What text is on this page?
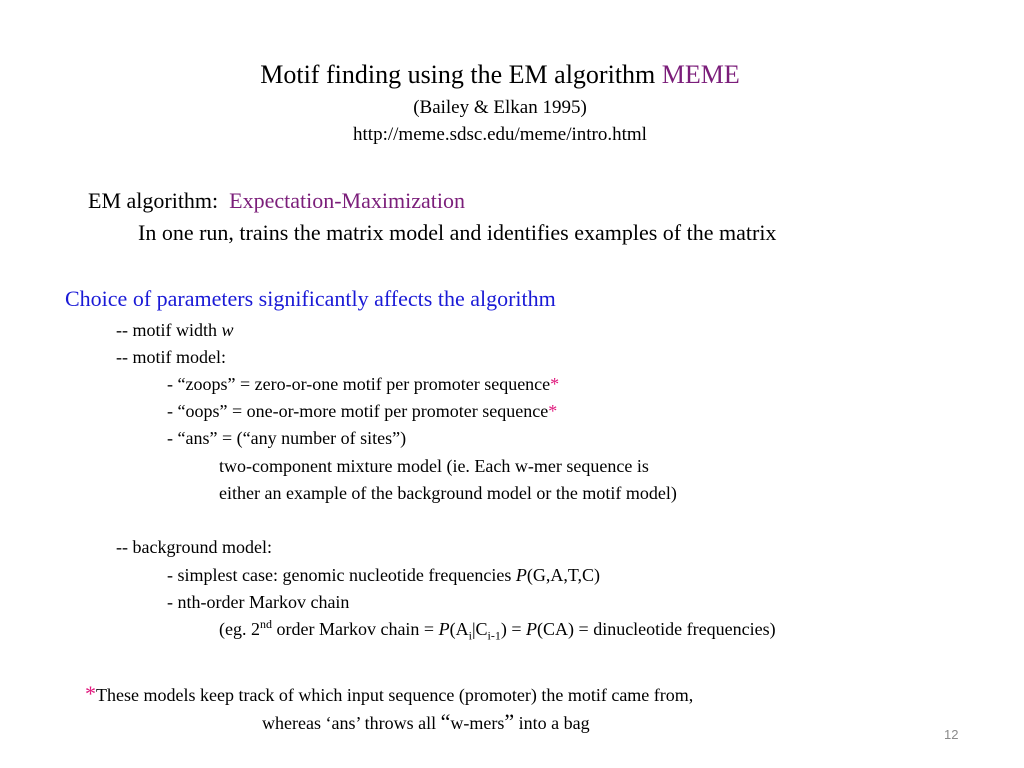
Motif finding using the EM algorithm MEME
(Bailey & Elkan 1995)
http://meme.sdsc.edu/meme/intro.html
EM algorithm: Expectation-Maximization
In one run, trains the matrix model and identifies examples of the matrix
Choice of parameters significantly affects the algorithm
-- motif width w
-- motif model:
- “zoops” = zero-or-one motif per promoter sequence*
- “oops” = one-or-more motif per promoter sequence*
- “ans” = (“any number of sites”)
two-component mixture model (ie. Each w-mer sequence is
either an example of the background model or the motif model)
-- background model:
- simplest case: genomic nucleotide frequencies P(G,A,T,C)
- nth-order Markov chain
(eg. 2nd order Markov chain = $P(A_i|C_{i-1}) = P(CA)$ = dinucleotide frequencies)
*These models keep track of which input sequence (promoter) the motif came from,
whereas ‘ans’ throws all “w-mers” into a bag
12
